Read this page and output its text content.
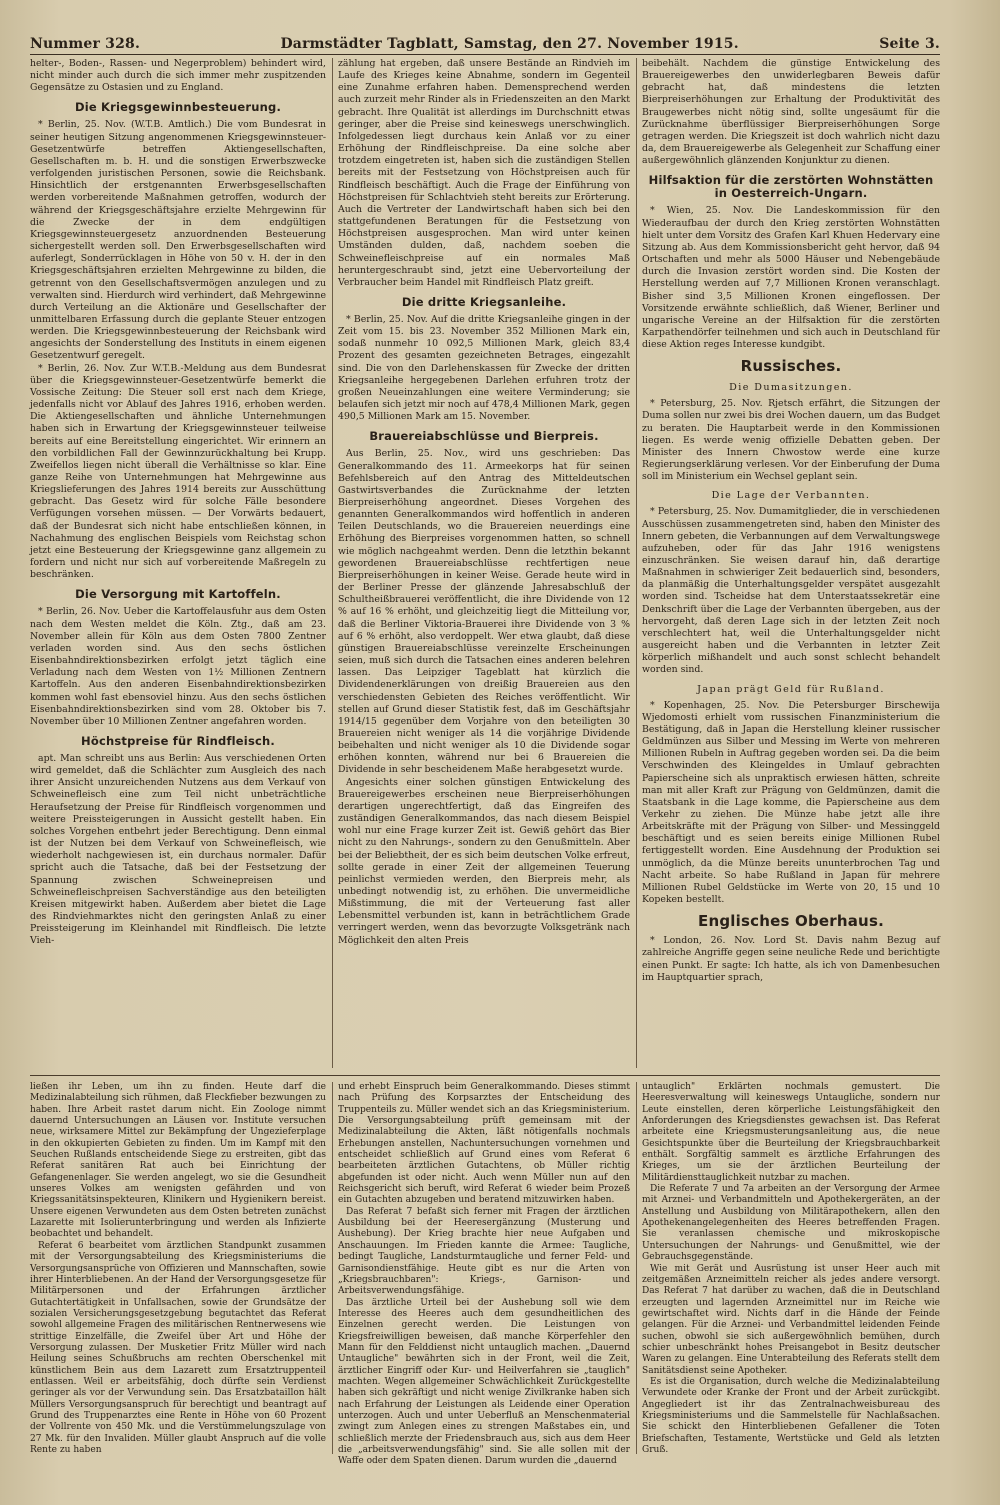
Nummer 328.	Darmstädter Tagblatt, Samstag, den 27. November 1915.	Seite 3.

helter-, Boden-, Rassen- und Negerproblem) behindert wird, nicht minder auch durch die sich immer mehr zuspitzenden Gegensätze zu Ostasien und zu England.

Die Kriegsgewinnbesteuerung.

* Berlin, 25. Nov. (W.T.B. Amtlich.) Die vom Bundesrat in seiner heutigen Sitzung angenommenen Kriegsgewinnsteuer-Gesetzentwürfe betreffen Aktiengesellschaften, Gesellschaften m. b. H. und die sonstigen Erwerbszwecke verfolgenden juristischen Personen, sowie die Reichsbank. Hinsichtlich der erstgenannten Erwerbsgesellschaften werden vorbereitende Maßnahmen getroffen, wodurch der während der Kriegsgeschäftsjahre erzielte Mehrgewinn für die Zwecke der in dem endgültigen Kriegsgewinnsteuergesetz anzuordnenden Besteuerung sichergestellt werden soll. Den Erwerbsgesellschaften wird auferlegt, Sonderrücklagen in Höhe von 50 v. H. der in den Kriegsgeschäftsjahren erzielten Mehrgewinne zu bilden, die getrennt von den Gesellschaftsvermögen anzulegen und zu verwalten sind. Hierdurch wird verhindert, daß Mehrgewinne durch Verteilung an die Aktionäre und Gesellschafter der unmittelbaren Erfassung durch die geplante Steuer entzogen werden. Die Kriegsgewinnbesteuerung der Reichsbank wird angesichts der Sonderstellung des Instituts in einem eigenen Gesetzentwurf geregelt.

* Berlin, 26. Nov. Zur W.T.B.-Meldung aus dem Bundesrat über die Kriegsgewinnsteuer-Gesetzentwürfe bemerkt die Vossische Zeitung: Die Steuer soll erst nach dem Kriege, jedenfalls nicht vor Ablauf des Jahres 1916, erhoben werden. Die Aktiengesellschaften und ähnliche Unternehmungen haben sich in Erwartung der Kriegsgewinnsteuer teilweise bereits auf eine Bereitstellung eingerichtet. Wir erinnern an den vorbildlichen Fall der Gewinnzurückhaltung bei Krupp. Zweifellos liegen nicht überall die Verhältnisse so klar. Eine ganze Reihe von Unternehmungen hat Mehrgewinne aus Kriegslieferungen des Jahres 1914 bereits zur Ausschüttung gebracht. Das Gesetz wird für solche Fälle besondere Verfügungen vorsehen müssen. — Der Vorwärts bedauert, daß der Bundesrat sich nicht habe entschließen können, in Nachahmung des englischen Beispiels vom Reichstag schon jetzt eine Besteuerung der Kriegsgewinne ganz allgemein zu fordern und nicht nur sich auf vorbereitende Maßregeln zu beschränken.

Die Versorgung mit Kartoffeln.

* Berlin, 26. Nov. Ueber die Kartoffelausfuhr aus dem Osten nach dem Westen meldet die Köln. Ztg., daß am 23. November allein für Köln aus dem Osten 7800 Zentner verladen worden sind. Aus den sechs östlichen Eisenbahndirektionsbezirken erfolgt jetzt täglich eine Verladung nach dem Westen von 1½ Millionen Zentnern Kartoffeln. Aus den anderen Eisenbahndirektionsbezirken kommen wohl fast ebensoviel hinzu. Aus den sechs östlichen Eisenbahndirektionsbezirken sind vom 28. Oktober bis 7. November über 10 Millionen Zentner angefahren worden.

Höchstpreise für Rindfleisch.

apt. Man schreibt uns aus Berlin: Aus verschiedenen Orten wird gemeldet, daß die Schlächter zum Ausgleich des nach ihrer Ansicht unzureichenden Nutzens aus dem Verkauf von Schweinefleisch eine zum Teil nicht unbeträchtliche Heraufsetzung der Preise für Rindfleisch vorgenommen und weitere Preissteigerungen in Aussicht gestellt haben. Ein solches Vorgehen entbehrt jeder Berechtigung. Denn einmal ist der Nutzen bei dem Verkauf von Schweinefleisch, wie wiederholt nachgewiesen ist, ein durchaus normaler. Dafür spricht auch die Tatsache, daß bei der Festsetzung der Spannung zwischen Schweinepreisen und Schweinefleischpreisen Sachverständige aus den beteiligten Kreisen mitgewirkt haben. Außerdem aber bietet die Lage des Rindviehmarktes nicht den geringsten Anlaß zu einer Preissteigerung im Kleinhandel mit Rindfleisch. Die letzte Vieh-

zählung hat ergeben, daß unsere Bestände an Rindvieh im Laufe des Krieges keine Abnahme, sondern im Gegenteil eine Zunahme erfahren haben. Demensprechend werden auch zurzeit mehr Rinder als in Friedenszeiten an den Markt gebracht. Ihre Qualität ist allerdings im Durchschnitt etwas geringer, aber die Preise sind keineswegs unerschwinglich. Infolgedessen liegt durchaus kein Anlaß vor zu einer Erhöhung der Rindfleischpreise. Da eine solche aber trotzdem eingetreten ist, haben sich die zuständigen Stellen bereits mit der Festsetzung von Höchstpreisen auch für Rindfleisch beschäftigt. Auch die Frage der Einführung von Höchstpreisen für Schlachtvieh steht bereits zur Erörterung. Auch die Vertreter der Landwirtschaft haben sich bei den stattgefundenen Beratungen für die Festsetzung von Höchstpreisen ausgesprochen. Man wird unter keinen Umständen dulden, daß, nachdem soeben die Schweinefleischpreise auf ein normales Maß heruntergeschraubt sind, jetzt eine Uebervorteilung der Verbraucher beim Handel mit Rindfleisch Platz greift.

Die dritte Kriegsanleihe.

* Berlin, 25. Nov. Auf die dritte Kriegsanleihe gingen in der Zeit vom 15. bis 23. November 352 Millionen Mark ein, sodaß nunmehr 10 092,5 Millionen Mark, gleich 83,4 Prozent des gesamten gezeichneten Betrages, eingezahlt sind. Die von den Darlehenskassen für Zwecke der dritten Kriegsanleihe hergegebenen Darlehen erfuhren trotz der großen Neueinzahlungen eine weitere Verminderung; sie belaufen sich jetzt mir noch auf 478,4 Millionen Mark, gegen 490,5 Millionen Mark am 15. November.

Brauereiabschlüsse und Bierpreis.

Aus Berlin, 25. Nov., wird uns geschrieben: Das Generalkommando des 11. Armeekorps hat für seinen Befehlsbereich auf den Antrag des Mitteldeutschen Gastwirtsverbandes die Zurücknahme der letzten Bierpreiserhöhung angeordnet. Dieses Vorgehen des genannten Generalkommandos wird hoffentlich in anderen Teilen Deutschlands, wo die Brauereien neuerdings eine Erhöhung des Bierpreises vorgenommen hatten, so schnell wie möglich nachgeahmt werden. Denn die letzthin bekannt gewordenen Brauereiabschlüsse rechtfertigen neue Bierpreiserhöhungen in keiner Weise. Gerade heute wird in der Berliner Presse der glänzende Jahresabschluß der Schultheißbrauerei veröffentlicht, die ihre Dividende von 12 % auf 16 % erhöht, und gleichzeitig liegt die Mitteilung vor, daß die Berliner Viktoria-Brauerei ihre Dividende von 3 % auf 6 % erhöht, also verdoppelt. Wer etwa glaubt, daß diese günstigen Brauereiabschlüsse vereinzelte Erscheinungen seien, muß sich durch die Tatsachen eines anderen belehren lassen. Das Leipziger Tageblatt hat kürzlich die Dividendenerklärungen von dreißig Brauereien aus den verschiedensten Gebieten des Reiches veröffentlicht. Wir stellen auf Grund dieser Statistik fest, daß im Geschäftsjahr 1914/15 gegenüber dem Vorjahre von den beteiligten 30 Brauereien nicht weniger als 14 die vorjährige Dividende beibehalten und nicht weniger als 10 die Dividende sogar erhöhen konnten, während nur bei 6 Brauereien die Dividende in sehr bescheidenem Maße herabgesetzt wurde.

Angesichts einer solchen günstigen Entwickelung des Brauereigewerbes erscheinen neue Bierpreiserhöhungen derartigen ungerechtfertigt, daß das Eingreifen des zuständigen Generalkommandos, das nach diesem Beispiel wohl nur eine Frage kurzer Zeit ist. Gewiß gehört das Bier nicht zu den Nahrungs-, sondern zu den Genußmitteln. Aber bei der Beliebtheit, der es sich beim deutschen Volke erfreut, sollte gerade in einer Zeit der allgemeinen Teuerung peinlichst vermieden werden, den Bierpreis mehr, als unbedingt notwendig ist, zu erhöhen. Die unvermeidliche Mißstimmung, die mit der Verteuerung fast aller Lebensmittel verbunden ist, kann in beträchtlichem Grade verringert werden, wenn das bevorzugte Volksgetränk nach Möglichkeit den alten Preis

beibehält. Nachdem die günstige Entwickelung des Brauereigewerbes den unwiderlegbaren Beweis dafür gebracht hat, daß mindestens die letzten Bierpreiserhöhungen zur Erhaltung der Produktivität des Braugewerbes nicht nötig sind, sollte ungesäumt für die Zurücknahme überflüssiger Bierpreiserhöhungen Sorge getragen werden. Die Kriegszeit ist doch wahrlich nicht dazu da, dem Brauereigewerbe als Gelegenheit zur Schaffung einer außergewöhnlich glänzenden Konjunktur zu dienen.

Hilfsaktion für die zerstörten Wohnstätten in Oesterreich-Ungarn.

* Wien, 25. Nov. Die Landeskommission für den Wiederaufbau der durch den Krieg zerstörten Wohnstätten hielt unter dem Vorsitz des Grafen Karl Khuen Hedervary eine Sitzung ab. Aus dem Kommissionsbericht geht hervor, daß 94 Ortschaften und mehr als 5000 Häuser und Nebengebäude durch die Invasion zerstört worden sind. Die Kosten der Herstellung werden auf 7,7 Millionen Kronen veranschlagt. Bisher sind 3,5 Millionen Kronen eingeflossen. Der Vorsitzende erwähnte schließlich, daß Wiener, Berliner und ungarische Vereine an der Hilfsaktion für die zerstörten Karpathendörfer teilnehmen und sich auch in Deutschland für diese Aktion reges Interesse kundgibt.

Russisches.
Die Dumasitzungen.

* Petersburg, 25. Nov. Rjetsch erfährt, die Sitzungen der Duma sollen nur zwei bis drei Wochen dauern, um das Budget zu beraten. Die Hauptarbeit werde in den Kommissionen liegen. Es werde wenig offizielle Debatten geben. Der Minister des Innern Chwostow werde eine kurze Regierungserklärung verlesen. Vor der Einberufung der Duma soll im Ministerium ein Wechsel geplant sein.

Die Lage der Verbannten.

* Petersburg, 25. Nov. Dumamitglieder, die in verschiedenen Ausschüssen zusammengetreten sind, haben den Minister des Innern gebeten, die Verbannungen auf dem Verwaltungswege aufzuheben, oder für das Jahr 1916 wenigstens einzuschränken. Sie weisen darauf hin, daß derartige Maßnahmen in schwieriger Zeit bedauerlich sind, besonders, da planmäßig die Unterhaltungsgelder verspätet ausgezahlt worden sind. Tscheidse hat dem Unterstaatssekretär eine Denkschrift über die Lage der Verbannten übergeben, aus der hervorgeht, daß deren Lage sich in der letzten Zeit noch verschlechtert hat, weil die Unterhaltungsgelder nicht ausgereicht haben und die Verbannten in letzter Zeit körperlich mißhandelt und auch sonst schlecht behandelt worden sind.

Japan prägt Geld für Rußland.

* Kopenhagen, 25. Nov. Die Petersburger Birschewija Wjedomosti erhielt vom russischen Finanzministerium die Bestätigung, daß in Japan die Herstellung kleiner russischer Geldmünzen aus Silber und Messing im Werte von mehreren Millionen Rubeln in Auftrag gegeben worden sei. Da die beim Verschwinden des Kleingeldes in Umlauf gebrachten Papierscheine sich als unpraktisch erwiesen hätten, schreite man mit aller Kraft zur Prägung von Geldmünzen, damit die Staatsbank in die Lage komme, die Papierscheine aus dem Verkehr zu ziehen. Die Münze habe jetzt alle ihre Arbeitskräfte mit der Prägung von Silber- und Messinggeld beschäftigt und es seien bereits einige Millionen Rubel fertiggestellt worden. Eine Ausdehnung der Produktion sei unmöglich, da die Münze bereits ununterbrochen Tag und Nacht arbeite. So habe Rußland in Japan für mehrere Millionen Rubel Geldstücke im Werte von 20, 15 und 10 Kopeken bestellt.

Englisches Oberhaus.

* London, 26. Nov. Lord St. Davis nahm Bezug auf zahlreiche Angriffe gegen seine neuliche Rede und berichtigte einen Punkt. Er sagte: Ich hatte, als ich von Damenbesuchen im Hauptquartier sprach,

ließen ihr Leben, um ihn zu finden. Heute darf die Medizinalabteilung sich rühmen, daß Fleckfieber bezwungen zu haben. Ihre Arbeit rastet darum nicht. Ein Zoologe nimmt dauernd Untersuchungen an Läusen vor. Institute versuchen neue, wirksamere Mittel zur Bekämpfung der Ungezieferplage in den okkupierten Gebieten zu finden. Um im Kampf mit den Seuchen Rußlands entscheidende Siege zu erstreiten, gibt das Referat sanitären Rat auch bei Einrichtung der Gefangenenlager. Sie werden angelegt, wo sie die Gesundheit unseres Volkes am wenigsten gefährden und von Kriegssanitätsinspekteuren, Klinikern und Hygienikern bereist. Unsere eigenen Verwundeten aus dem Osten betreten zunächst Lazarette mit Isolierunterbringung und werden als Infizierte beobachtet und behandelt.

Referat 6 bearbeitet vom ärztlichen Standpunkt zusammen mit der Versorgungsabteilung des Kriegsministeriums die Versorgungsansprüche von Offizieren und Mannschaften, sowie ihrer Hinterbliebenen. An der Hand der Versorgungsgesetze für Militärpersonen und der Erfahrungen ärztlicher Gutachtertätigkeit in Unfallsachen, sowie der Grundsätze der sozialen Versicherungsgesetzgebung begutachtet das Referat sowohl allgemeine Fragen des militärischen Rentnerwesens wie strittige Einzelfälle, die Zweifel über Art und Höhe der Versorgung zulassen. Der Musketier Fritz Müller wird nach Heilung seines Schußbruchs am rechten Oberschenkel mit künstlichem Bein aus dem Lazarett zum Ersatztruppenteil entlassen. Weil er arbeitsfähig, doch dürfte sein Verdienst geringer als vor der Verwundung sein. Das Ersatzbataillon hält Müllers Versorgungsanspruch für berechtigt und beantragt auf Grund des Truppenarztes eine Rente in Höhe von 60 Prozent der Vollrente von 450 Mk. und die Verstümmelungszulage von 27 Mk. für den Invaliden. Müller glaubt Anspruch auf die volle Rente zu haben

und erhebt Einspruch beim Generalkommando. Dieses stimmt nach Prüfung des Korpsarztes der Entscheidung des Truppenteils zu. Müller wendet sich an das Kriegsministerium. Die Versorgungsabteilung prüft gemeinsam mit der Medizinalabteilung die Akten, läßt nötigenfalls nochmals Erhebungen anstellen, Nachuntersuchungen vornehmen und entscheidet schließlich auf Grund eines vom Referat 6 bearbeiteten ärztlichen Gutachtens, ob Müller richtig abgefunden ist oder nicht. Auch wenn Müller nun auf den Reichsgericht sich beruft, wird Referat 6 wieder beim Prozeß ein Gutachten abzugeben und beratend mitzuwirken haben.

Das Referat 7 befaßt sich ferner mit Fragen der ärztlichen Ausbildung bei der Heeresergänzung (Musterung und Aushebung). Der Krieg brachte hier neue Aufgaben und Anschauungen. Im Frieden kannte die Armee: Taugliche, bedingt Taugliche, Landsturmtaugliche und ferner Feld- und Garnisondienstfähige. Heute gibt es nur die Arten von „Kriegsbrauchbaren": Kriegs-, Garnison- und Arbeitsverwendungsfähige.

Das ärztliche Urteil bei der Aushebung soll wie dem Interesse des Heeres auch dem gesundheitlichen des Einzelnen gerecht werden. Die Leistungen von Kriegsfreiwilligen beweisen, daß manche Körperfehler den Mann für den Felddienst nicht untauglich machen. „Dauernd Untaugliche" bewährten sich in der Front, weil die Zeit, ärztlicher Eingriff oder Kur- und Heilverfahren sie „tauglich" machten. Wegen allgemeiner Schwächlichkeit Zurückgestellte haben sich gekräftigt und nicht wenige Zivilkranke haben sich nach Erfahrung der Leistungen als Leidende einer Operation unterzogen. Auch und unter Ueberfluß an Menschenmaterial zwingt zum Anlegen eines zu strengen Maßstabes ein, und schließlich merzte der Friedensbrauch aus, sich aus dem Heer die „arbeitsverwendungsfähig" sind. Sie alle sollen mit der Waffe oder dem Spaten dienen. Darum wurden die „dauernd

untauglich" Erklärten nochmals gemustert. Die Heeresverwaltung will keineswegs Untaugliche, sondern nur Leute einstellen, deren körperliche Leistungsfähigkeit den Anforderungen des Kriegsdienstes gewachsen ist. Das Referat arbeitete eine Kriegsmusterungsanleitung aus, die neue Gesichtspunkte über die Beurteilung der Kriegsbrauchbarkeit enthält. Sorgfältig sammelt es ärztliche Erfahrungen des Krieges, um sie der ärztlichen Beurteilung der Militärdiensttauglichkeit nutzbar zu machen.

Die Referate 7 und 7a arbeiten an der Versorgung der Armee mit Arznei- und Verbandmitteln und Apothekergeräten, an der Anstellung und Ausbildung von Militärapothekern, allen den Apothekenangelegenheiten des Heeres betreffenden Fragen. Sie veranlassen chemische und mikroskopische Untersuchungen der Nahrungs- und Genußmittel, wie der Gebrauchsgegenstände.

Wie mit Gerät und Ausrüstung ist unser Heer auch mit zeitgemäßen Arzneimitteln reicher als jedes andere versorgt. Das Referat 7 hat darüber zu wachen, daß die in Deutschland erzeugten und lagernden Arzneimittel nur im Reiche wie gewirtschaftet wird. Nichts darf in die Hände der Feinde gelangen. Für die Arznei- und Verbandmittel leidenden Feinde suchen, obwohl sie sich außergewöhnlich bemühen, durch schier unbeschränkt hohes Preisangebot in Besitz deutscher Waren zu gelangen. Eine Unterabteilung des Referats stellt dem Sanitätsdienst seine Apotheker.

Es ist die Organisation, durch welche die Medizinalabteilung Verwundete oder Kranke der Front und der Arbeit zurückgibt. Angegliedert ist ihr das Zentralnachweisbureau des Kriegsministeriums und die Sammelstelle für Nachlaßsachen. Sie schickt den Hinterbliebenen Gefallener die Toten Briefschaften, Testamente, Wertstücke und Geld als letzten Gruß.
